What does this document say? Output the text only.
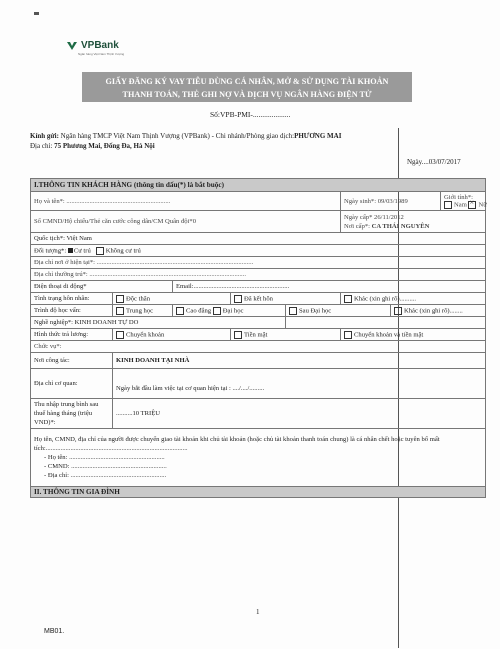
VPBank
Ngân hàng Việt Nam Thịnh Vượng
GIẤY ĐĂNG KÝ VAY TIÊU DÙNG CÁ NHÂN, MỞ & SỬ DỤNG TÀI KHOẢN
THANH TOÁN, THẺ GHI NỢ VÀ DỊCH VỤ NGÂN HÀNG ĐIỆN TỬ
Số:VPB-PMI-....................
Kính gửi: Ngân hàng TMCP Việt Nam Thịnh Vượng (VPBank) - Chi nhánh/Phòng giao dịch:PHƯƠNG MAI
Địa chỉ: 75 Phương Mai, Đống Đa, Hà Nội
Ngày....03/07/2017
I.THÔNG TIN KHÁCH HÀNG (thông tin dấu(*) là bắt buộc)							
Họ và tên*: ...............................................................					Ngày sinh*: 09/03/1989		Giới tính*:
Nam × Nữ
Số CMND/Hộ chiếu/Thẻ căn cước công dân/CM Quân đội*0					Ngày cấp* 26/11/2012
Nơi cấp*: CA THÁI NGUYÊN		

Quốc tịch*: Việt Nam							
Đối tượng*: Cư trú Không cư trú							
Địa chỉ nơi ở hiện tại*: ...............................................................................................							
Địa chỉ thường trú*: ...............................................................................................							
Điện thoại di động*		Email:..........................................................					
Tình trạng hôn nhân:	Độc thân		Đã kết hôn		Khác (xin ghi rõ)..........		
Trình độ học vấn:	Trung học	Cao đẳng Đại học		Sau Đại học		Khác (xin ghi rõ)........	
Nghề nghiệp*: KINH DOANH TỰ DO							
Hình thức trả lương:	Chuyển khoản		Tiền mặt		Chuyển khoản và tiền mặt		
Chức vụ*:							
Nơi công tác:	KINH DOANH TẠI NHÀ						
Địa chỉ cơ quan:	Ngày bắt đầu làm việc tại cơ quan hiện tại : ..../..../.........						

Thu nhập trung bình sau thuế hàng tháng (triệu VND)*:	..........10 TRIỆU						

Họ tên, CMND, địa chỉ của người được chuyển giao tài khoản khi chủ tài khoản (hoặc chủ tài khoản thanh toán chung) là cá nhân chết hoặc tuyên bố mất tích:......................................................................................
- Họ tên: ..........................................................
- CMND: ..........................................................
- Địa chỉ: ..........................................................							

II. THÔNG TIN GIA ĐÌNH							
1
MB01.
